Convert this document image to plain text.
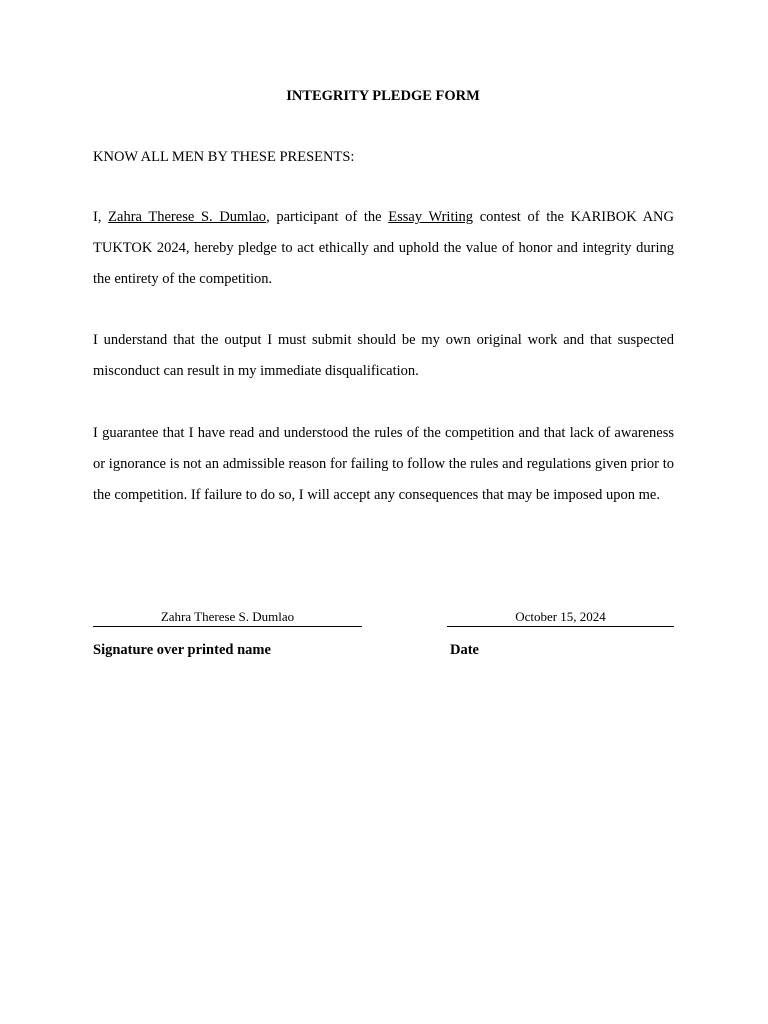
INTEGRITY PLEDGE FORM
KNOW ALL MEN BY THESE PRESENTS:

I, Zahra Therese S. Dumlao, participant of the Essay Writing contest of the KARIBOK ANG TUKTOK 2024, hereby pledge to act ethically and uphold the value of honor and integrity during the entirety of the competition.

I understand that the output I must submit should be my own original work and that suspected misconduct can result in my immediate disqualification.

I guarantee that I have read and understood the rules of the competition and that lack of awareness or ignorance is not an admissible reason for failing to follow the rules and regulations given prior to the competition. If failure to do so, I will accept any consequences that may be imposed upon me.

Zahra Therese S. Dumlao
Signature over printed name
October 15, 2024
Date
